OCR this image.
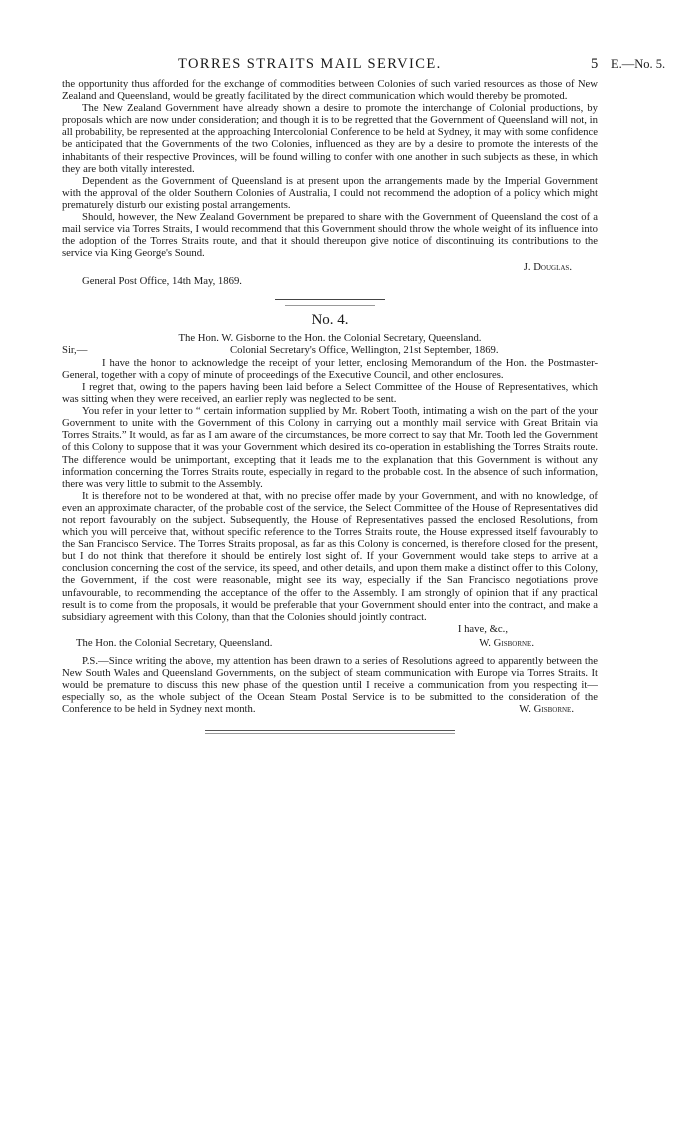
TORRES STRAITS MAIL SERVICE.	5 E.—No. 5.

the opportunity thus afforded for the exchange of commodities between Colonies of such varied resources as those of New Zealand and Queensland, would be greatly facilitated by the direct communication which would thereby be promoted.

The New Zealand Government have already shown a desire to promote the interchange of Colonial productions, by proposals which are now under consideration; and though it is to be regretted that the Government of Queensland will not, in all probability, be represented at the approaching Intercolonial Conference to be held at Sydney, it may with some confidence be anticipated that the Governments of the two Colonies, influenced as they are by a desire to promote the interests of the inhabitants of their respective Provinces, will be found willing to confer with one another in such subjects as these, in which they are both vitally interested.

Dependent as the Government of Queensland is at present upon the arrangements made by the Imperial Government with the approval of the older Southern Colonies of Australia, I could not recommend the adoption of a policy which might prematurely disturb our existing postal arrangements.

Should, however, the New Zealand Government be prepared to share with the Government of Queensland the cost of a mail service via Torres Straits, I would recommend that this Government should throw the whole weight of its influence into the adoption of the Torres Straits route, and that it should thereupon give notice of discontinuing its contributions to the service via King George's Sound.

J. Douglas.
General Post Office, 14th May, 1869.
No. 4.
The Hon. W. Gisborne to the Hon. the Colonial Secretary, Queensland.
Sir,—	Colonial Secretary's Office, Wellington, 21st September, 1869.

I have the honor to acknowledge the receipt of your letter, enclosing Memorandum of the Hon. the Postmaster-General, together with a copy of minute of proceedings of the Executive Council, and other enclosures.

I regret that, owing to the papers having been laid before a Select Committee of the House of Representatives, which was sitting when they were received, an earlier reply was neglected to be sent.

You refer in your letter to “ certain information supplied by Mr. Robert Tooth, intimating a wish on the part of the your Government to unite with the Government of this Colony in carrying out a monthly mail service with Great Britain via Torres Straits.” It would, as far as I am aware of the circumstances, be more correct to say that Mr. Tooth led the Government of this Colony to suppose that it was your Government which desired its co-operation in establishing the Torres Straits route. The difference would be unimportant, excepting that it leads me to the explanation that this Government is without any information concerning the Torres Straits route, especially in regard to the probable cost. In the absence of such information, there was very little to submit to the Assembly.

It is therefore not to be wondered at that, with no precise offer made by your Government, and with no knowledge, of even an approximate character, of the probable cost of the service, the Select Committee of the House of Representatives did not report favourably on the subject. Subsequently, the House of Representatives passed the enclosed Resolutions, from which you will perceive that, without specific reference to the Torres Straits route, the House expressed itself favourably to the San Francisco Service. The Torres Straits proposal, as far as this Colony is concerned, is therefore closed for the present, but I do not think that therefore it should be entirely lost sight of. If your Government would take steps to arrive at a conclusion concerning the cost of the service, its speed, and other details, and upon them make a distinct offer to this Colony, the Government, if the cost were reasonable, might see its way, especially if the San Francisco negotiations prove unfavourable, to recommending the acceptance of the offer to the Assembly. I am strongly of opinion that if any practical result is to come from the proposals, it would be preferable that your Government should enter into the contract, and make a subsidiary agreement with this Colony, than that the Colonies should jointly contract.

I have, &c.,
The Hon. the Colonial Secretary, Queensland.	W. Gisborne.

P.S.—Since writing the above, my attention has been drawn to a series of Resolutions agreed to apparently between the New South Wales and Queensland Governments, on the subject of steam communication with Europe via Torres Straits. It would be premature to discuss this new phase of the question until I receive a communication from you respecting it—especially so, as the whole subject of the Ocean Steam Postal Service is to be submitted to the consideration of the Conference to be held in Sydney next month.	W. Gisborne.
